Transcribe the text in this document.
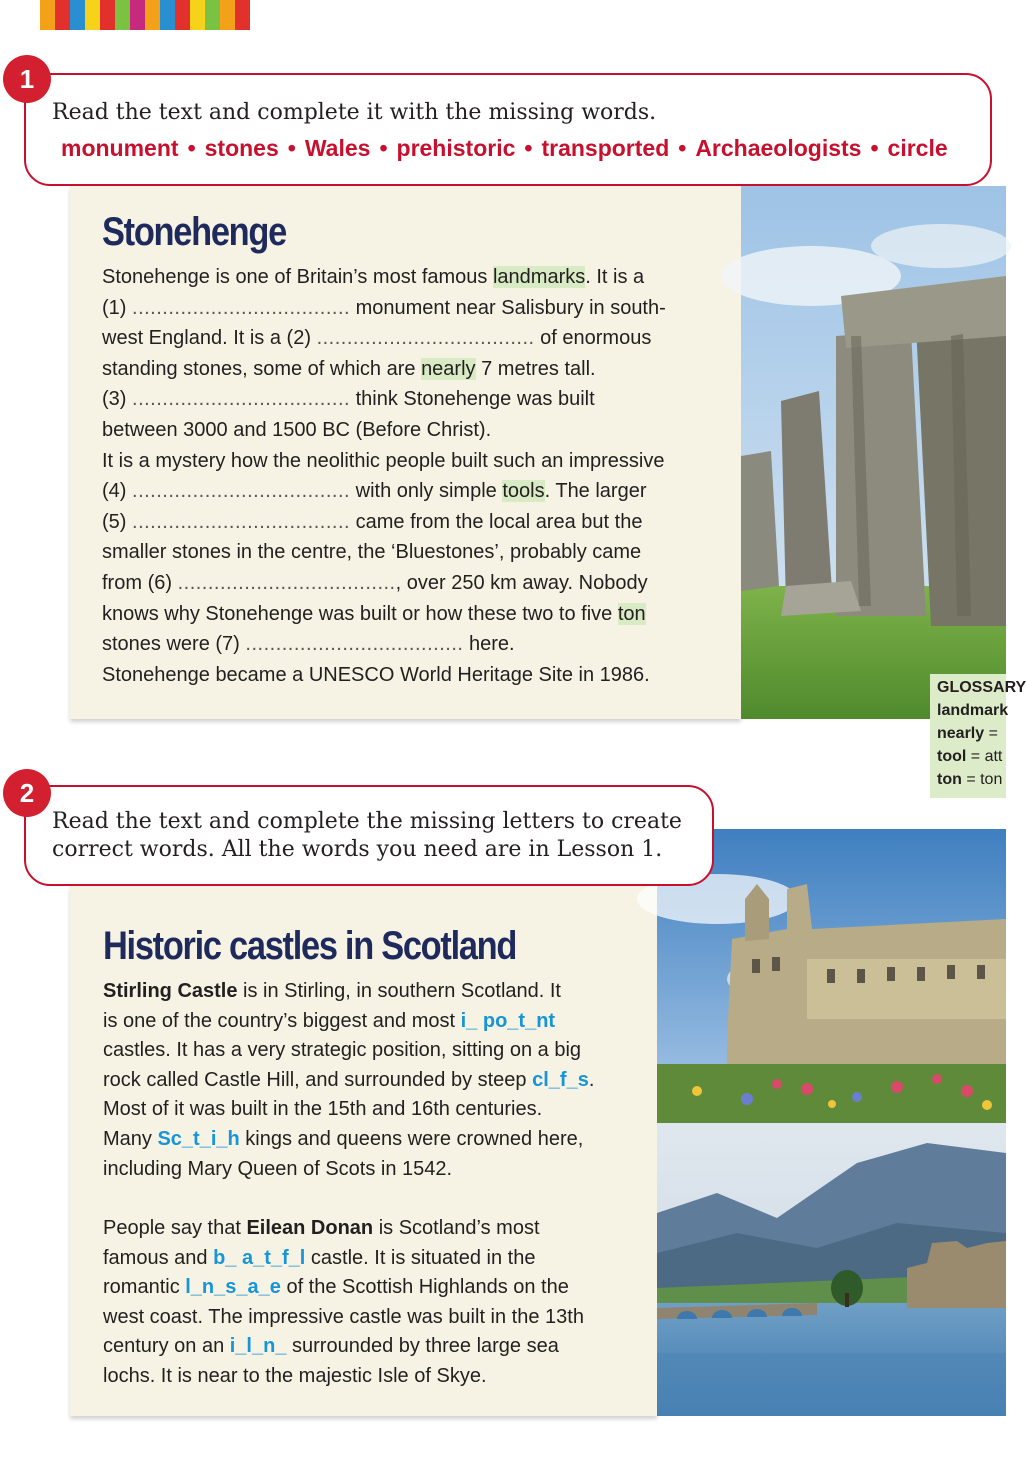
1
Read the text and complete it with the missing words.
monument • stones • Wales • prehistoric • transported • Archaeologists • circle
Stonehenge
Stonehenge is one of Britain’s most famous landmarks. It is a
(1) .................................... monument near Salisbury in south-
west England. It is a (2) .................................... of enormous
standing stones, some of which are nearly 7 metres tall.
(3) .................................... think Stonehenge was built
between 3000 and 1500 BC (Before Christ).
It is a mystery how the neolithic people built such an impressive
(4) .................................... with only simple tools. The larger
(5) .................................... came from the local area but the
smaller stones in the centre, the ‘Bluestones’, probably came
from (6) ...................................., over 250 km away. Nobody
knows why Stonehenge was built or how these two to five ton
stones were (7) .................................... here.
Stonehenge became a UNESCO World Heritage Site in 1986.
GLOSSARY
landmark
nearly =
tool = att
ton = ton
2
Read the text and complete the missing letters to create
correct words. All the words you need are in Lesson 1.
Historic castles in Scotland
Stirling Castle is in Stirling, in southern Scotland. It
is one of the country’s biggest and most i_ po_t_nt
castles. It has a very strategic position, sitting on a big
rock called Castle Hill, and surrounded by steep cl_f_s.
Most of it was built in the 15th and 16th centuries.
Many Sc_t_i_h kings and queens were crowned here,
including Mary Queen of Scots in 1542.
People say that Eilean Donan is Scotland’s most
famous and b_ a_t_f_l castle. It is situated in the
romantic l_n_s_a_e of the Scottish Highlands on the
west coast. The impressive castle was built in the 13th
century on an i_l_n_ surrounded by three large sea
lochs. It is near to the majestic Isle of Skye.
